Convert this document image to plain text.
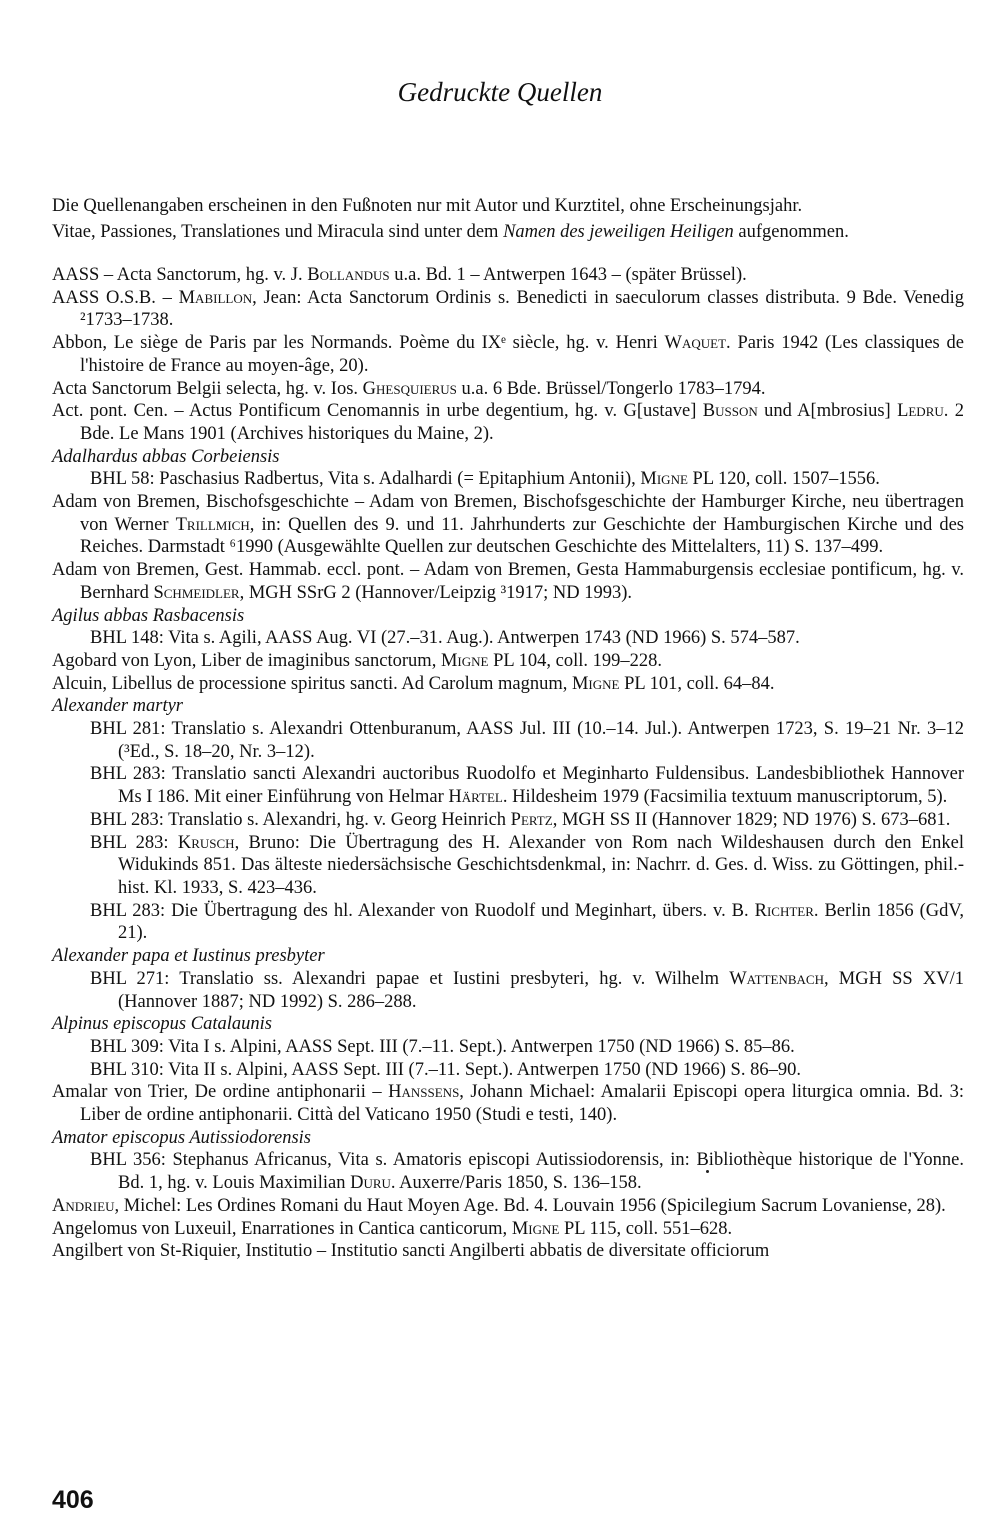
Gedruckte Quellen

Die Quellenangaben erscheinen in den Fußnoten nur mit Autor und Kurztitel, ohne Erscheinungsjahr.

Vitae, Passiones, Translationes und Miracula sind unter dem Namen des jeweiligen Heiligen aufgenommen.

AASS – Acta Sanctorum, hg. v. J. Bollandus u.a. Bd. 1 – Antwerpen 1643 – (später Brüssel).

AASS O.S.B. – Mabillon, Jean: Acta Sanctorum Ordinis s. Benedicti in saeculorum classes distributa. 9 Bde. Venedig ²1733–1738.

Abbon, Le siège de Paris par les Normands. Poème du IXᵉ siècle, hg. v. Henri Waquet. Paris 1942 (Les classiques de l'histoire de France au moyen-âge, 20).

Acta Sanctorum Belgii selecta, hg. v. Ios. Ghesquierus u.a. 6 Bde. Brüssel/Tongerlo 1783–1794.

Act. pont. Cen. – Actus Pontificum Cenomannis in urbe degentium, hg. v. G[ustave] Busson und A[mbrosius] Ledru. 2 Bde. Le Mans 1901 (Archives historiques du Maine, 2).

Adalhardus abbas Corbeiensis

BHL 58: Paschasius Radbertus, Vita s. Adalhardi (= Epitaphium Antonii), Migne PL 120, coll. 1507–1556.

Adam von Bremen, Bischofsgeschichte – Adam von Bremen, Bischofsgeschichte der Hamburger Kirche, neu übertragen von Werner Trillmich, in: Quellen des 9. und 11. Jahrhunderts zur Geschichte der Hamburgischen Kirche und des Reiches. Darmstadt ⁶1990 (Ausgewählte Quellen zur deutschen Geschichte des Mittelalters, 11) S. 137–499.

Adam von Bremen, Gest. Hammab. eccl. pont. – Adam von Bremen, Gesta Hammaburgensis ecclesiae pontificum, hg. v. Bernhard Schmeidler, MGH SSrG 2 (Hannover/Leipzig ³1917; ND 1993).

Agilus abbas Rasbacensis

BHL 148: Vita s. Agili, AASS Aug. VI (27.–31. Aug.). Antwerpen 1743 (ND 1966) S. 574–587.

Agobard von Lyon, Liber de imaginibus sanctorum, Migne PL 104, coll. 199–228.

Alcuin, Libellus de processione spiritus sancti. Ad Carolum magnum, Migne PL 101, coll. 64–84.

Alexander martyr

BHL 281: Translatio s. Alexandri Ottenburanum, AASS Jul. III (10.–14. Jul.). Antwerpen 1723, S. 19–21 Nr. 3–12 (³Ed., S. 18–20, Nr. 3–12).

BHL 283: Translatio sancti Alexandri auctoribus Ruodolfo et Meginharto Fuldensibus. Landesbibliothek Hannover Ms I 186. Mit einer Einführung von Helmar Härtel. Hildesheim 1979 (Facsimilia textuum manuscriptorum, 5).

BHL 283: Translatio s. Alexandri, hg. v. Georg Heinrich Pertz, MGH SS II (Hannover 1829; ND 1976) S. 673–681.

BHL 283: Krusch, Bruno: Die Übertragung des H. Alexander von Rom nach Wildeshausen durch den Enkel Widukinds 851. Das älteste niedersächsische Geschichtsdenkmal, in: Nachrr. d. Ges. d. Wiss. zu Göttingen, phil.-hist. Kl. 1933, S. 423–436.

BHL 283: Die Übertragung des hl. Alexander von Ruodolf und Meginhart, übers. v. B. Richter. Berlin 1856 (GdV, 21).

Alexander papa et Iustinus presbyter

BHL 271: Translatio ss. Alexandri papae et Iustini presbyteri, hg. v. Wilhelm Wattenbach, MGH SS XV/1 (Hannover 1887; ND 1992) S. 286–288.

Alpinus episcopus Catalaunis

BHL 309: Vita I s. Alpini, AASS Sept. III (7.–11. Sept.). Antwerpen 1750 (ND 1966) S. 85–86.

BHL 310: Vita II s. Alpini, AASS Sept. III (7.–11. Sept.). Antwerpen 1750 (ND 1966) S. 86–90.

Amalar von Trier, De ordine antiphonarii – Hanssens, Johann Michael: Amalarii Episcopi opera liturgica omnia. Bd. 3: Liber de ordine antiphonarii. Città del Vaticano 1950 (Studi e testi, 140).

Amator episcopus Autissiodorensis

BHL 356: Stephanus Africanus, Vita s. Amatoris episcopi Autissiodorensis, in: Bibliothèque historique de l'Yonne. Bd. 1, hg. v. Louis Maximilian Duru. Auxerre/Paris 1850, S. 136–158.

Andrieu, Michel: Les Ordines Romani du Haut Moyen Age. Bd. 4. Louvain 1956 (Spicilegium Sacrum Lovaniense, 28).

Angelomus von Luxeuil, Enarrationes in Cantica canticorum, Migne PL 115, coll. 551–628.

Angilbert von St-Riquier, Institutio – Institutio sancti Angilberti abbatis de diversitate officiorum

406
